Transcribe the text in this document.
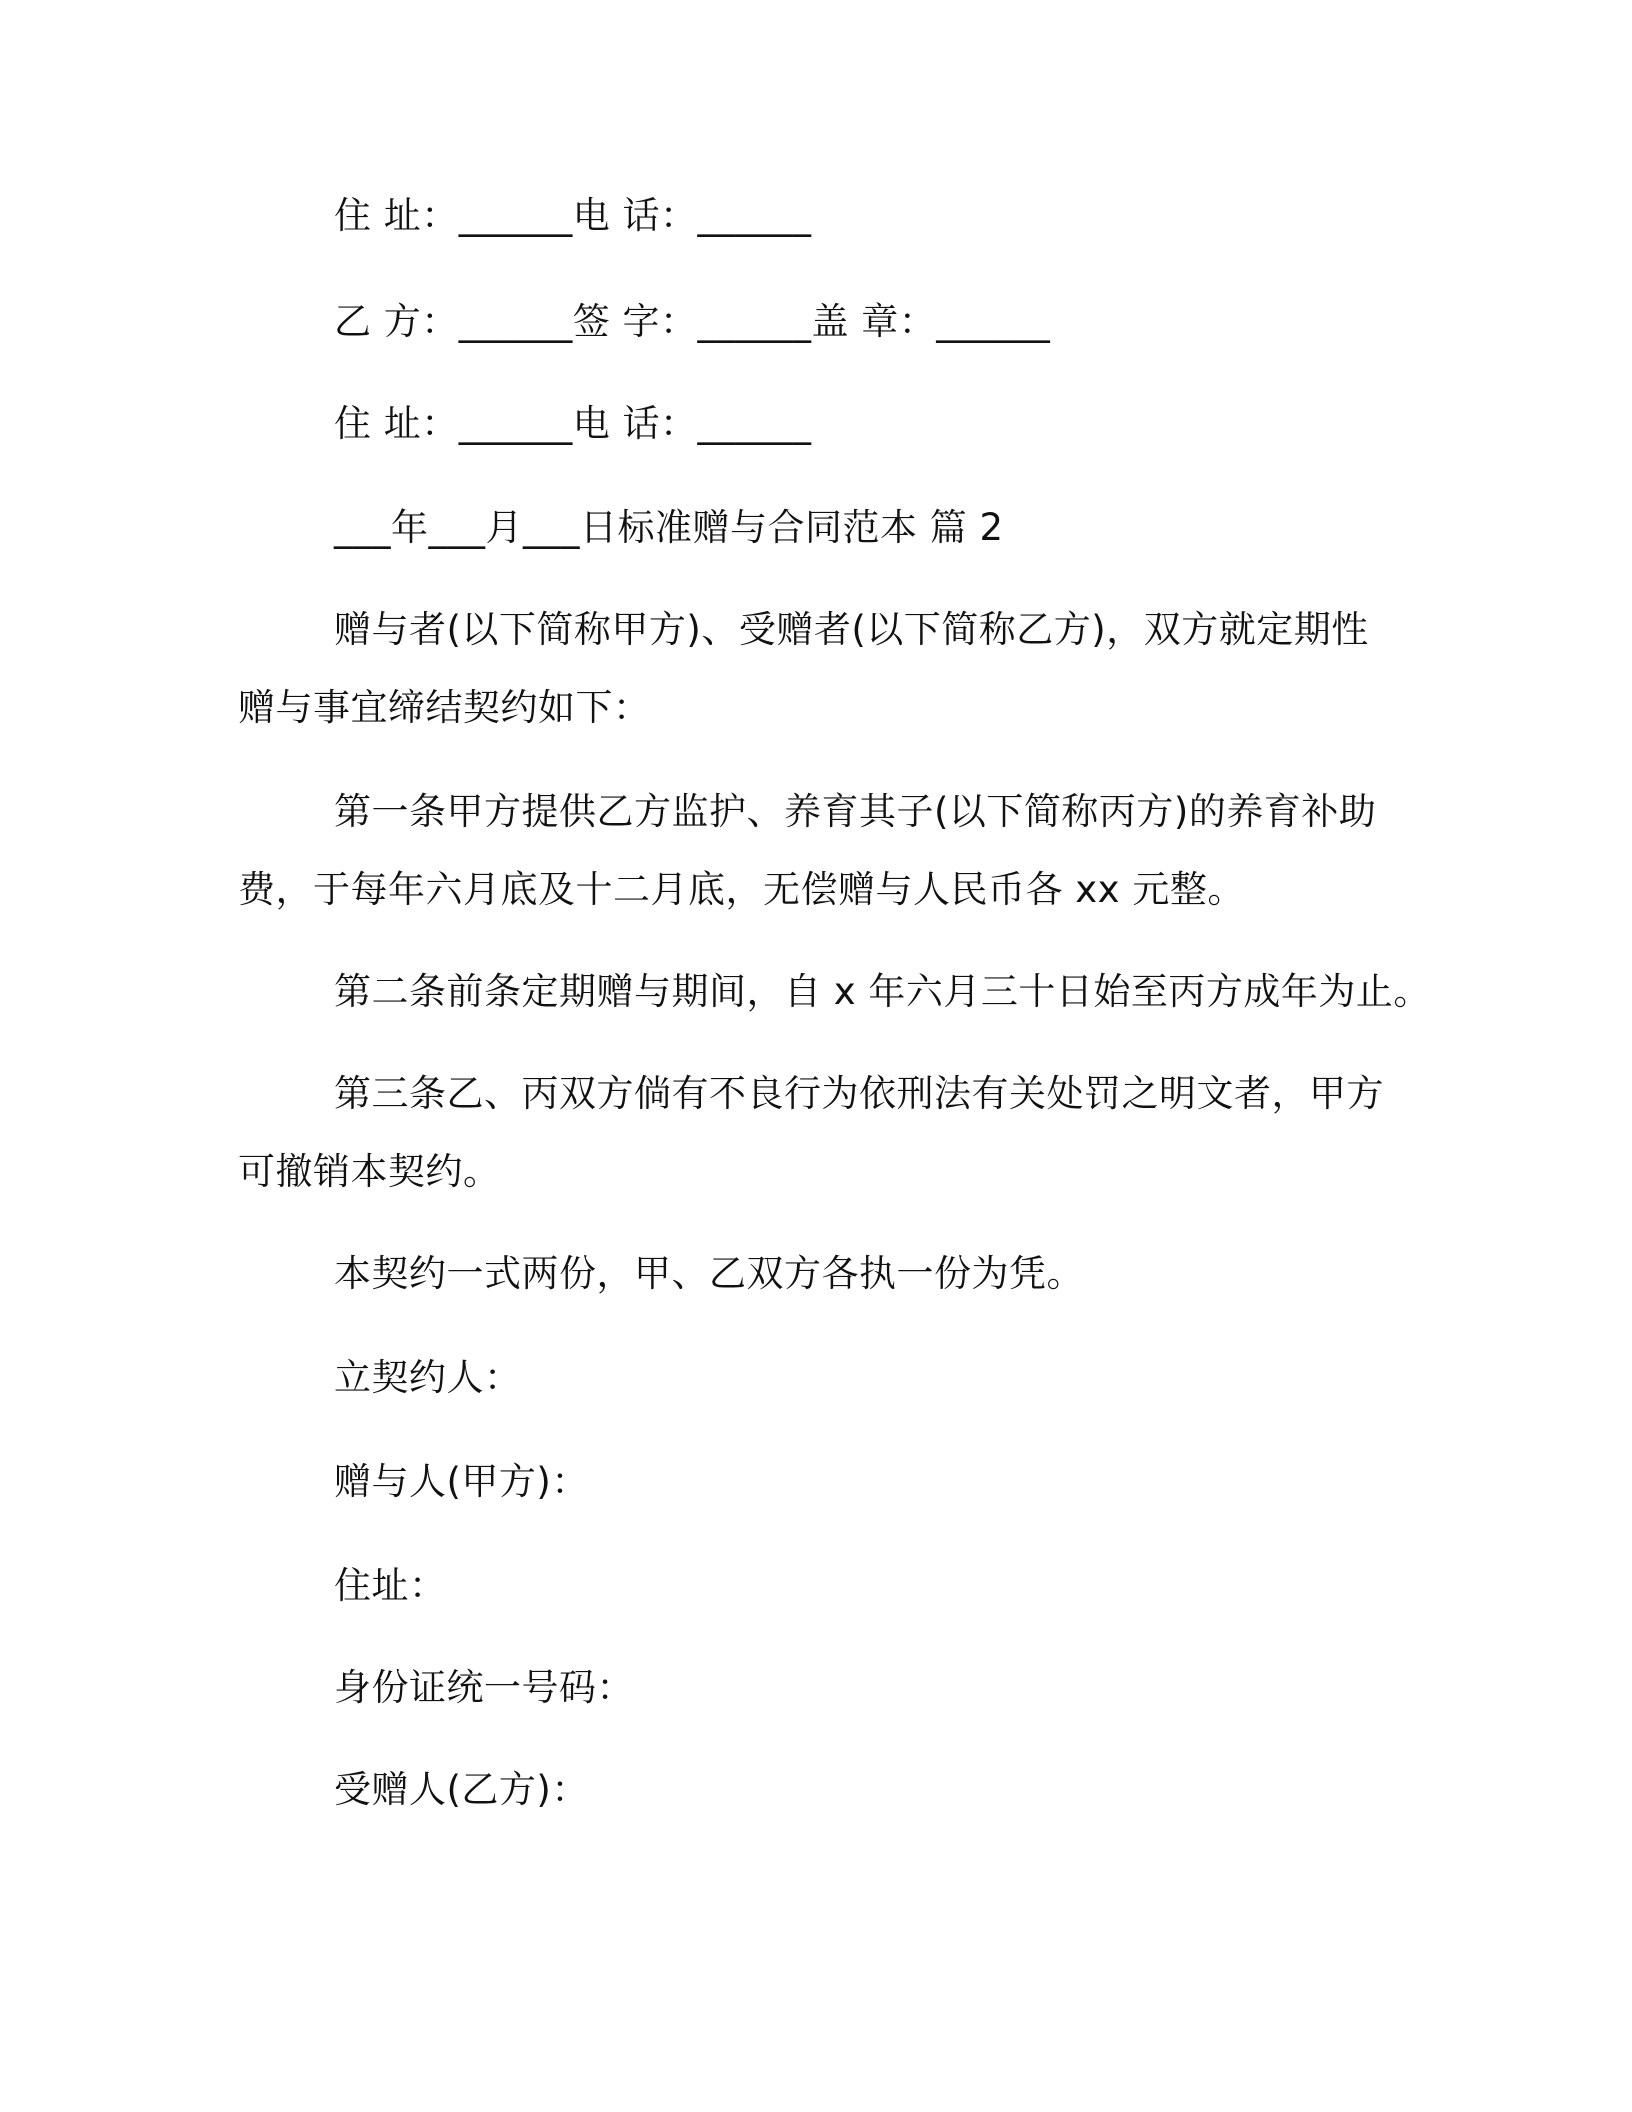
住 址：______电 话：______
乙 方：______签 字：______盖 章：______
住 址：______电 话：______
___年___月___日标准赠与合同范本 篇 2
赠与者(以下简称甲方)、受赠者(以下简称乙方)，双方就定期性
赠与事宜缔结契约如下：
第一条甲方提供乙方监护、养育其子(以下简称丙方)的养育补助
费，于每年六月底及十二月底，无偿赠与人民币各 xx 元整。
第二条前条定期赠与期间，自 x 年六月三十日始至丙方成年为止。
第三条乙、丙双方倘有不良行为依刑法有关处罚之明文者，甲方
可撤销本契约。
本契约一式两份，甲、乙双方各执一份为凭。
立契约人：
赠与人(甲方)：
住址：
身份证统一号码：
受赠人(乙方)：
